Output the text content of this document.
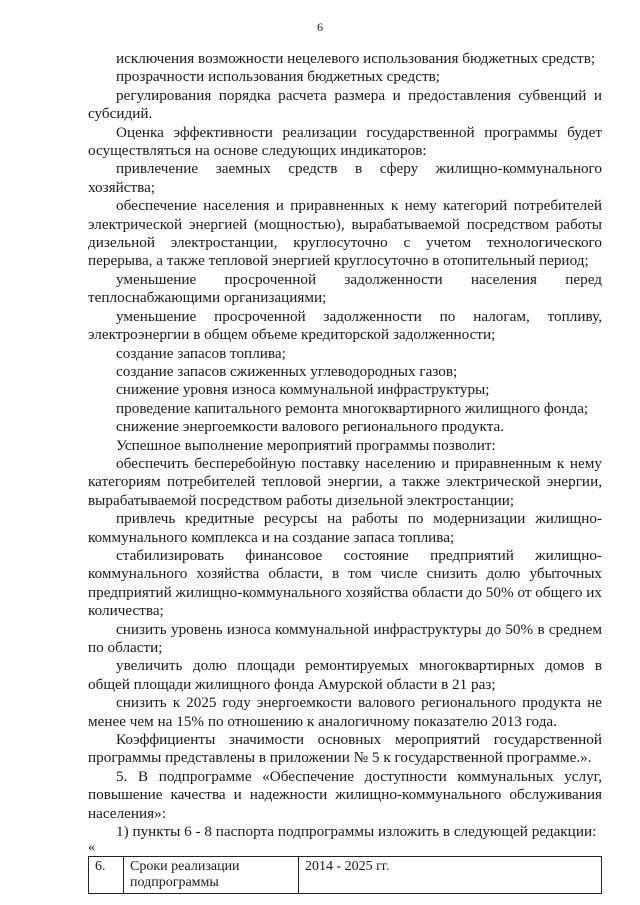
6

исключения возможности нецелевого использования бюджетных средств;

прозрачности использования бюджетных средств;

регулирования порядка расчета размера и предоставления субвенций и субсидий.

Оценка эффективности реализации государственной программы будет осуществляться на основе следующих индикаторов:

привлечение заемных средств в сферу жилищно-коммунального хозяйства;

обеспечение населения и приравненных к нему категорий потребителей электрической энергией (мощностью), вырабатываемой посредством работы дизельной электростанции, круглосуточно с учетом технологического перерыва, а также тепловой энергией круглосуточно в отопительный период;

уменьшение просроченной задолженности населения перед теплоснабжающими организациями;

уменьшение просроченной задолженности по налогам, топливу, электроэнергии в общем объеме кредиторской задолженности;

создание запасов топлива;

создание запасов сжиженных углеводородных газов;

снижение уровня износа коммунальной инфраструктуры;

проведение капитального ремонта многоквартирного жилищного фонда;

снижение энергоемкости валового регионального продукта.

Успешное выполнение мероприятий программы позволит:

обеспечить бесперебойную поставку населению и приравненным к нему категориям потребителей тепловой энергии, а также электрической энергии, вырабатываемой посредством работы дизельной электростанции;

привлечь кредитные ресурсы на работы по модернизации жилищно-коммунального комплекса и на создание запаса топлива;

стабилизировать финансовое состояние предприятий жилищно-коммунального хозяйства области, в том числе снизить долю убыточных предприятий жилищно-коммунального хозяйства области до 50% от общего их количества;

снизить уровень износа коммунальной инфраструктуры до 50% в среднем по области;

увеличить долю площади ремонтируемых многоквартирных домов в общей площади жилищного фонда Амурской области в 21 раз;

снизить к 2025 году энергоемкости валового регионального продукта не менее чем на 15% по отношению к аналогичному показателю 2013 года.

Коэффициенты значимости основных мероприятий государственной программы представлены в приложении № 5 к государственной программе.».

5. В подпрограмме «Обеспечение доступности коммунальных услуг, повышение качества и надежности жилищно-коммунального обслуживания населения»:

1) пункты 6 - 8 паспорта подпрограммы изложить в следующей редакции:

«

6.	Сроки реализации подпрограммы	2014 - 2025 гг.
